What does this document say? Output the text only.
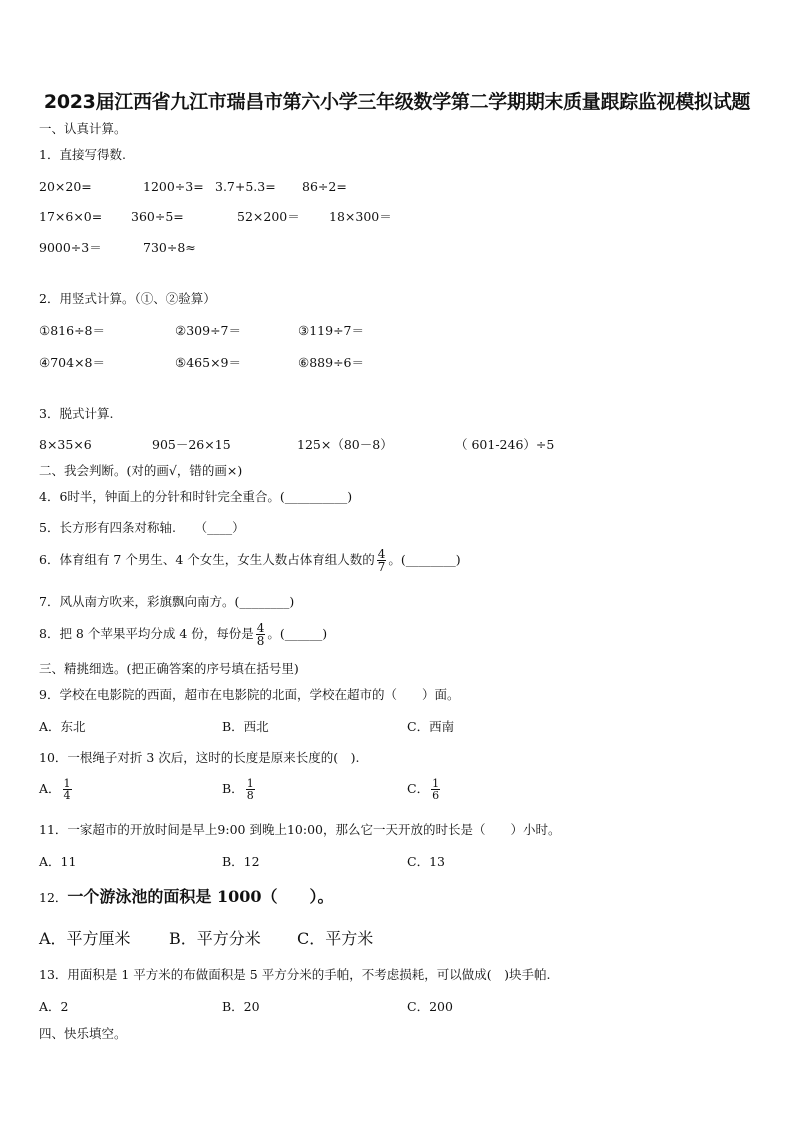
2023届江西省九江市瑞昌市第六小学三年级数学第二学期期末质量跟踪监视模拟试题
一、认真计算。
1．直接写得数.
20×20=	1200÷3= 3.7+5.3= 86÷2=
17×6×0= 360÷5=	52×200＝ 18×300＝
9000÷3＝	730÷8≈
2．用竖式计算。（①、②验算）
①816÷8＝	②309÷7＝	③119÷7＝
④704×8＝	⑤465×9＝	⑥889÷6＝
3．脱式计算.
8×35×6	905－26×15	125×（80－8）	（ 601-246）÷5
二、我会判断。(对的画√，错的画×)
4．6时半，钟面上的分针和时针完全重合。(__________)
5．长方形有四条对称轴.　　（____）
6．体育组有 7 个男生、4 个女生，女生人数占体育组人数的 $\frac{4}{7}$ 。(________)
7．风从南方吹来，彩旗飘向南方。(________)
8．把 8 个苹果平均分成 4 份，每份是 $\frac{4}{8}$ 。(______)
三、精挑细选。(把正确答案的序号填在括号里)
9．学校在电影院的西面，超市在电影院的北面，学校在超市的（　　）面。
A．东北	B．西北	C．西南
10．一根绳子对折 3 次后，这时的长度是原来长度的(　).
A． $\frac{1}{4}$	B． $\frac{1}{8}$	C． $\frac{1}{6}$
11．一家超市的开放时间是早上9:00 到晚上10:00，那么它一天开放的时长是（　　）小时。
A．11	B．12	C．13
12．一个游泳池的面积是 1000（　　）。
A．平方厘米 B．平方分米 C．平方米
13．用面积是 1 平方米的布做面积是 5 平方分米的手帕，不考虑损耗，可以做成(　)块手帕.
A．2	B．20	C．200
四、快乐填空。
